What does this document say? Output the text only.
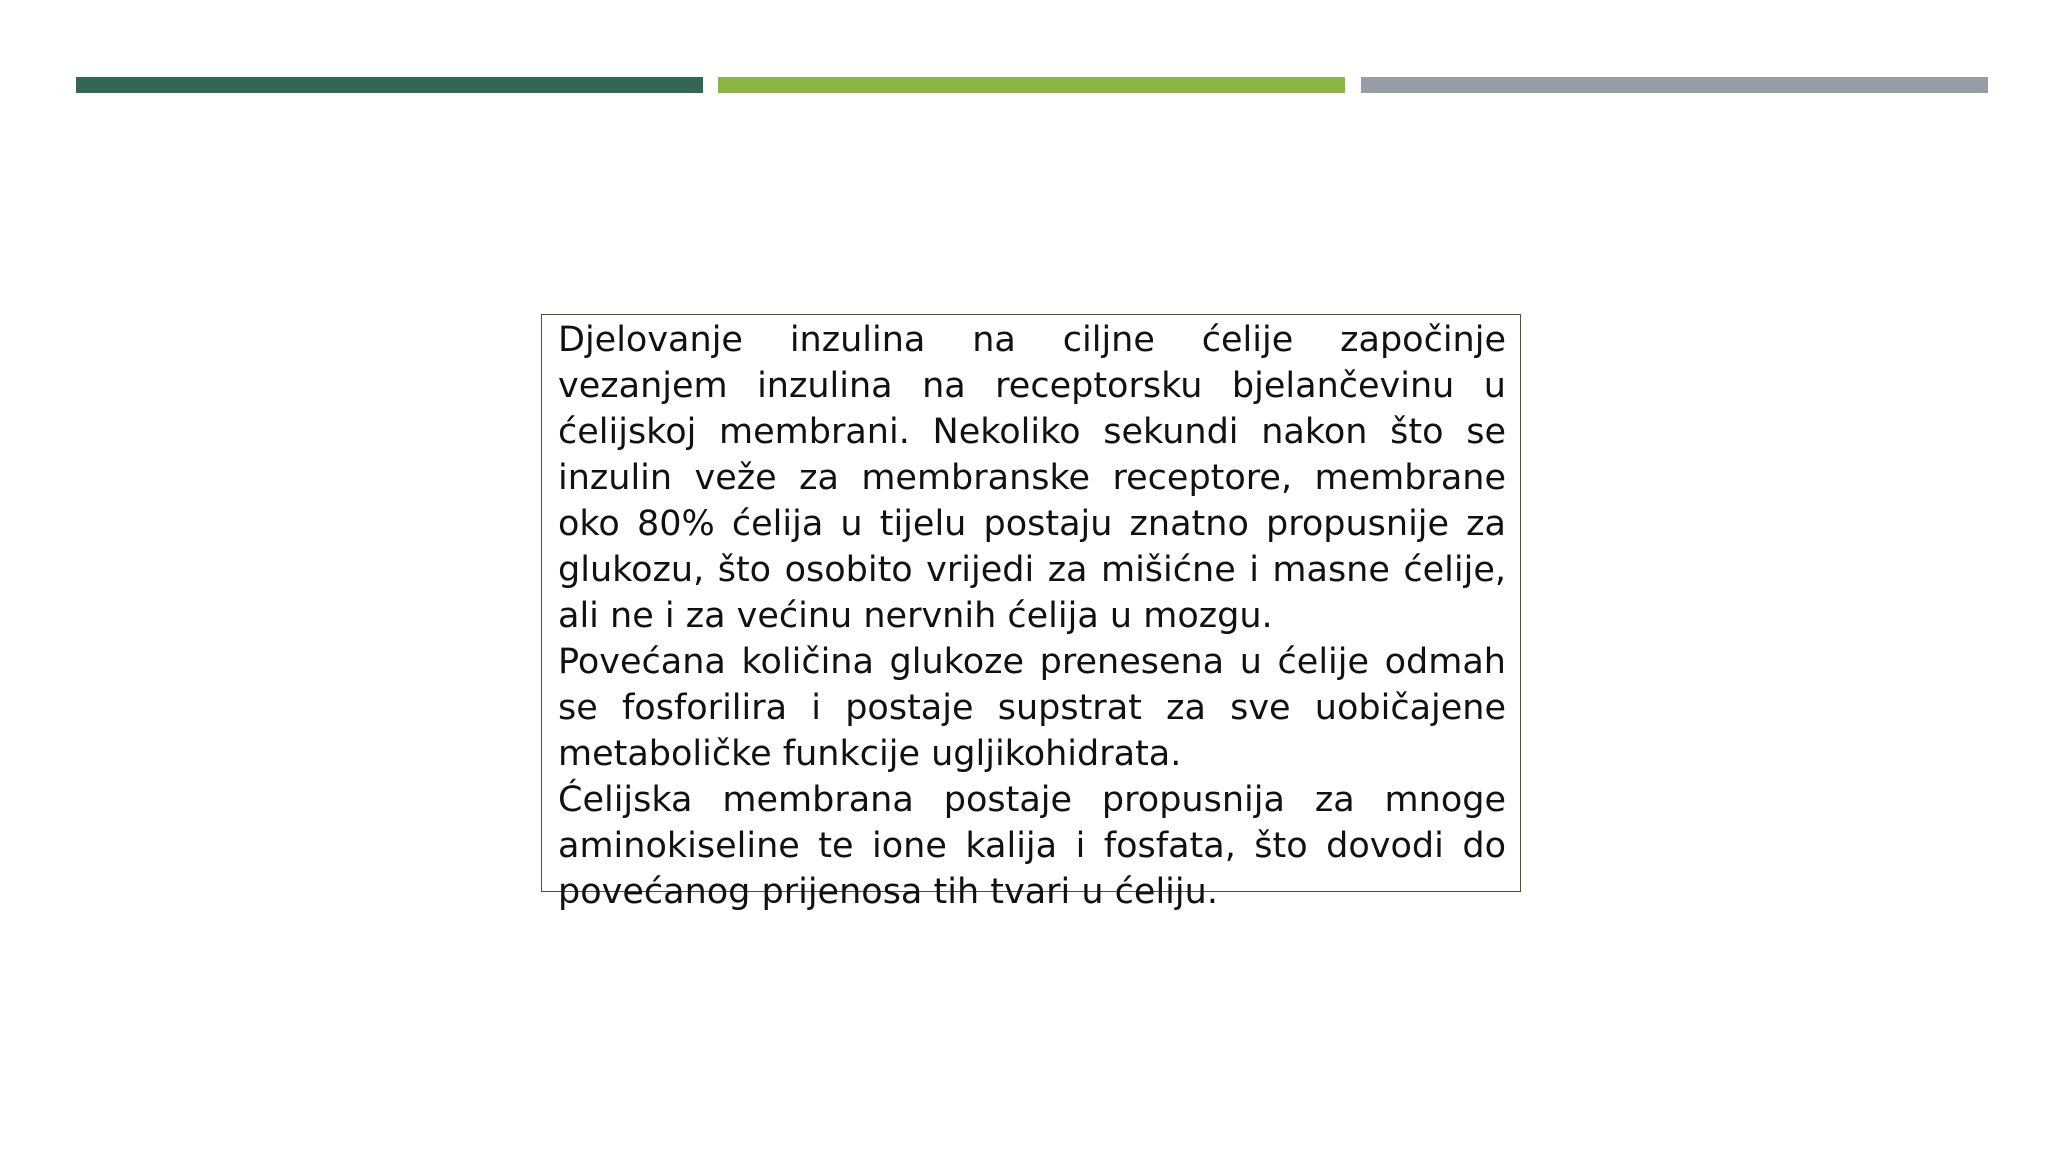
Djelovanje inzulina na ciljne ćelije započinje vezanjem inzulina na receptorsku bjelančevinu u ćelijskoj membrani. Nekoliko sekundi nakon što se inzulin veže za membranske receptore, membrane oko 80% ćelija u tijelu postaju znatno propusnije za glukozu, što osobito vrijedi za mišićne i masne ćelije, ali ne i za većinu nervnih ćelija u mozgu.

Povećana količina glukoze prenesena u ćelije odmah se fosforilira i postaje supstrat za sve uobičajene metaboličke funkcije ugljikohidrata.

Ćelijska membrana postaje propusnija za mnoge aminokiseline te ione kalija i fosfata, što dovodi do povećanog prijenosa tih tvari u ćeliju.
